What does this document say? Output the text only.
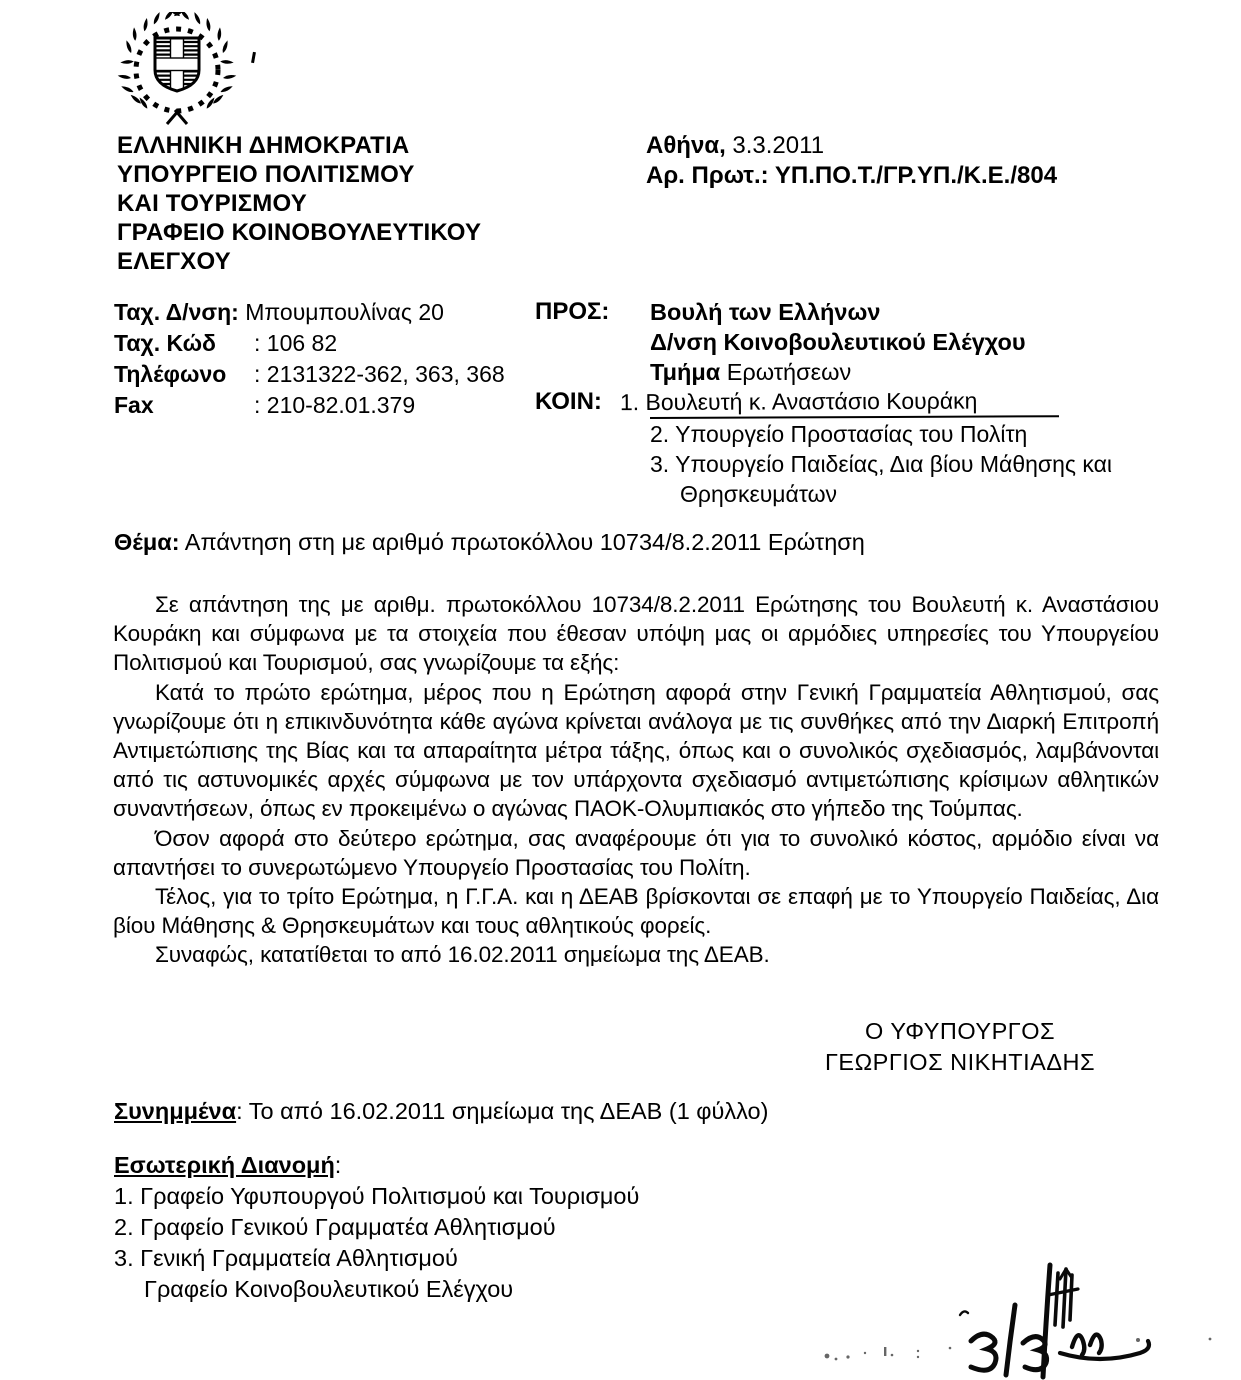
ΕΛΛΗΝΙΚΗ ΔΗΜΟΚΡΑΤΙΑ
ΥΠΟΥΡΓΕΙΟ ΠΟΛΙΤΙΣΜΟΥ
ΚΑΙ ΤΟΥΡΙΣΜΟΥ
ΓΡΑΦΕΙΟ ΚΟΙΝΟΒΟΥΛΕΥΤΙΚΟΥ
ΕΛΕΓΧΟΥ
Αθήνα, 3.3.2011
Αρ. Πρωτ.: ΥΠ.ΠΟ.Τ./ΓΡ.ΥΠ./Κ.Ε./804
Ταχ. Δ/νση: Μπουμπουλίνας 20
Ταχ. Κώδ : 106 82
Τηλέφωνο : 2131322-362, 363, 368
Fax	: 210-82.01.379
ΠΡΟΣ:	Βουλή των Ελλήνων
Δ/νση Κοινοβουλευτικού Ελέγχου
Τμήμα Ερωτήσεων
ΚΟΙΝ: 1. Βουλευτή κ. Αναστάσιο Κουράκη
2. Υπουργείο Προστασίας του Πολίτη
3. Υπουργείο Παιδείας, Δια βίου Μάθησης και Θρησκευμάτων
Θέμα: Απάντηση στη με αριθμό πρωτοκόλλου 10734/8.2.2011 Ερώτηση

Σε απάντηση της με αριθμ. πρωτοκόλλου 10734/8.2.2011 Ερώτησης του Βουλευτή κ. Αναστάσιου Κουράκη και σύμφωνα με τα στοιχεία που έθεσαν υπόψη μας οι αρμόδιες υπηρεσίες του Υπουργείου Πολιτισμού και Τουρισμού, σας γνωρίζουμε τα εξής:

Κατά το πρώτο ερώτημα, μέρος που η Ερώτηση αφορά στην Γενική Γραμματεία Αθλητισμού, σας γνωρίζουμε ότι η επικινδυνότητα κάθε αγώνα κρίνεται ανάλογα με τις συνθήκες από την Διαρκή Επιτροπή Αντιμετώπισης της Βίας και τα απαραίτητα μέτρα τάξης, όπως και ο συνολικός σχεδιασμός, λαμβάνονται από τις αστυνομικές αρχές σύμφωνα με τον υπάρχοντα σχεδιασμό αντιμετώπισης κρίσιμων αθλητικών συναντήσεων, όπως εν προκειμένω ο αγώνας ΠΑΟΚ-Ολυμπιακός στο γήπεδο της Τούμπας.

Όσον αφορά στο δεύτερο ερώτημα, σας αναφέρουμε ότι για το συνολικό κόστος, αρμόδιο είναι να απαντήσει το συνερωτώμενο Υπουργείο Προστασίας του Πολίτη.

Τέλος, για το τρίτο Ερώτημα, η Γ.Γ.Α. και η ΔΕΑΒ βρίσκονται σε επαφή με το Υπουργείο Παιδείας, Δια βίου Μάθησης & Θρησκευμάτων και τους αθλητικούς φορείς.

Συναφώς, κατατίθεται το από 16.02.2011 σημείωμα της ΔΕΑΒ.

Ο ΥΦΥΠΟΥΡΓΟΣ
ΓΕΩΡΓΙΟΣ ΝΙΚΗΤΙΑΔΗΣ
Συνημμένα: Το από 16.02.2011 σημείωμα της ΔΕΑΒ (1 φύλλο)
Εσωτερική Διανομή:
1. Γραφείο Υφυπουργού Πολιτισμού και Τουρισμού
2. Γραφείο Γενικού Γραμματέα Αθλητισμού
3. Γενική Γραμματεία Αθλητισμού
Γραφείο Κοινοβουλευτικού Ελέγχου
